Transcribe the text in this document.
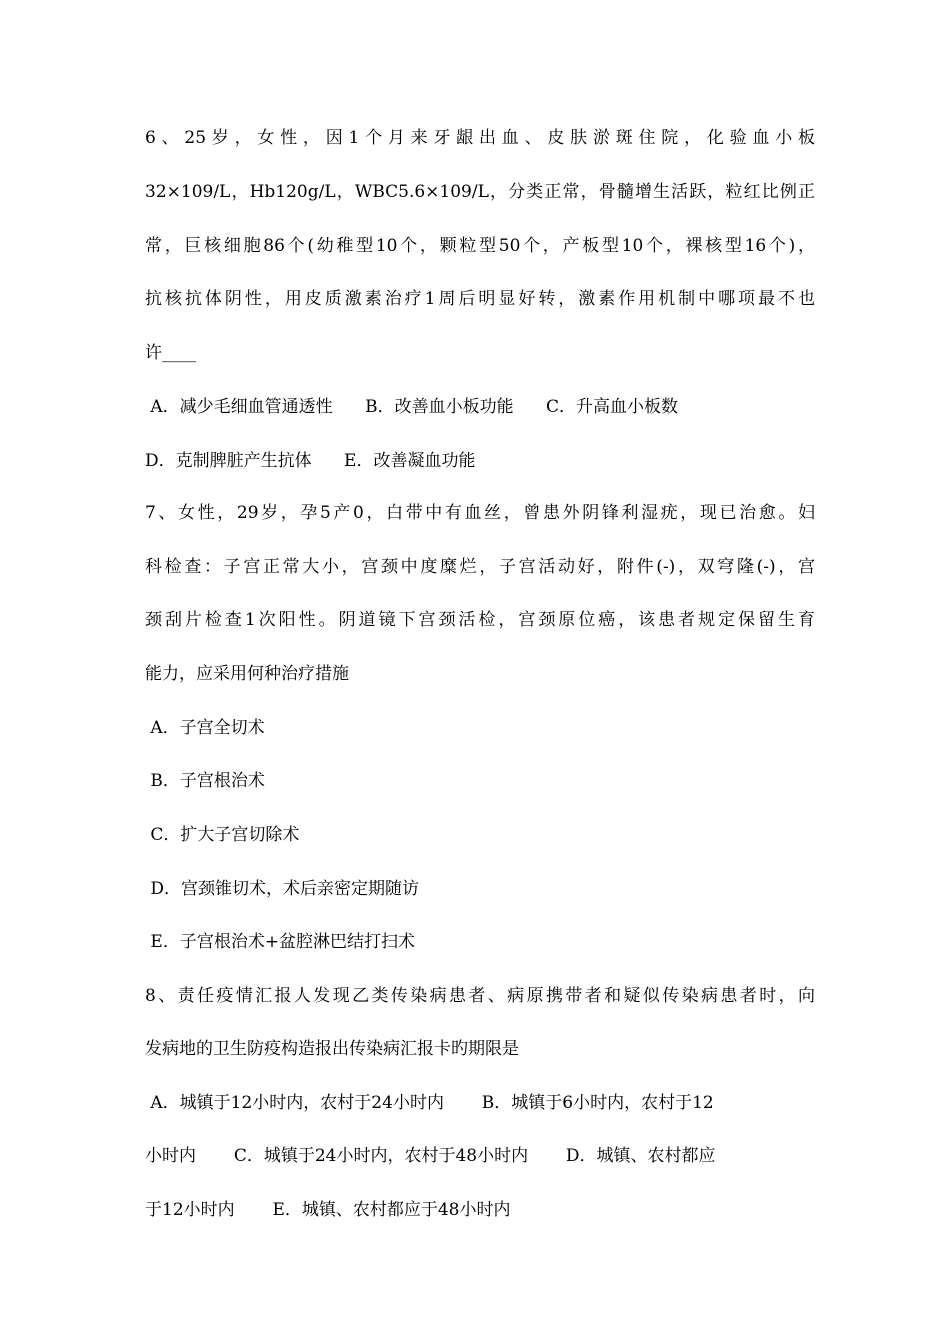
6、25岁，女性，因1个月来牙龈出血、皮肤淤斑住院，化验血小板
32×109/L，Hb120g/L，WBC5.6×109/L，分类正常，骨髓增生活跃，粒红比例正
常，巨核细胞86个(幼稚型10个，颗粒型50个，产板型10个，裸核型16个)，
抗核抗体阴性，用皮质激素治疗1周后明显好转，激素作用机制中哪项最不也
许____
A．减少毛细血管通透性      B．改善血小板功能      C．升高血小板数
D．克制脾脏产生抗体      E．改善凝血功能
7、女性，29岁，孕5产0，白带中有血丝，曾患外阴锋利湿疣，现已治愈。妇
科检查：子宫正常大小，宫颈中度糜烂，子宫活动好，附件(-)，双穹隆(-)，宫
颈刮片检查1次阳性。阴道镜下宫颈活检，宫颈原位癌，该患者规定保留生育
能力，应采用何种治疗措施
A．子宫全切术
B．子宫根治术
C．扩大子宫切除术
D．宫颈锥切术，术后亲密定期随访
E．子宫根治术+盆腔淋巴结打扫术
8、责任疫情汇报人发现乙类传染病患者、病原携带者和疑似传染病患者时，向
发病地的卫生防疫构造报出传染病汇报卡旳期限是
A．城镇于12小时内，农村于24小时内       B．城镇于6小时内，农村于12
小时内       C．城镇于24小时内，农村于48小时内       D．城镇、农村都应
于12小时内       E．城镇、农村都应于48小时内
